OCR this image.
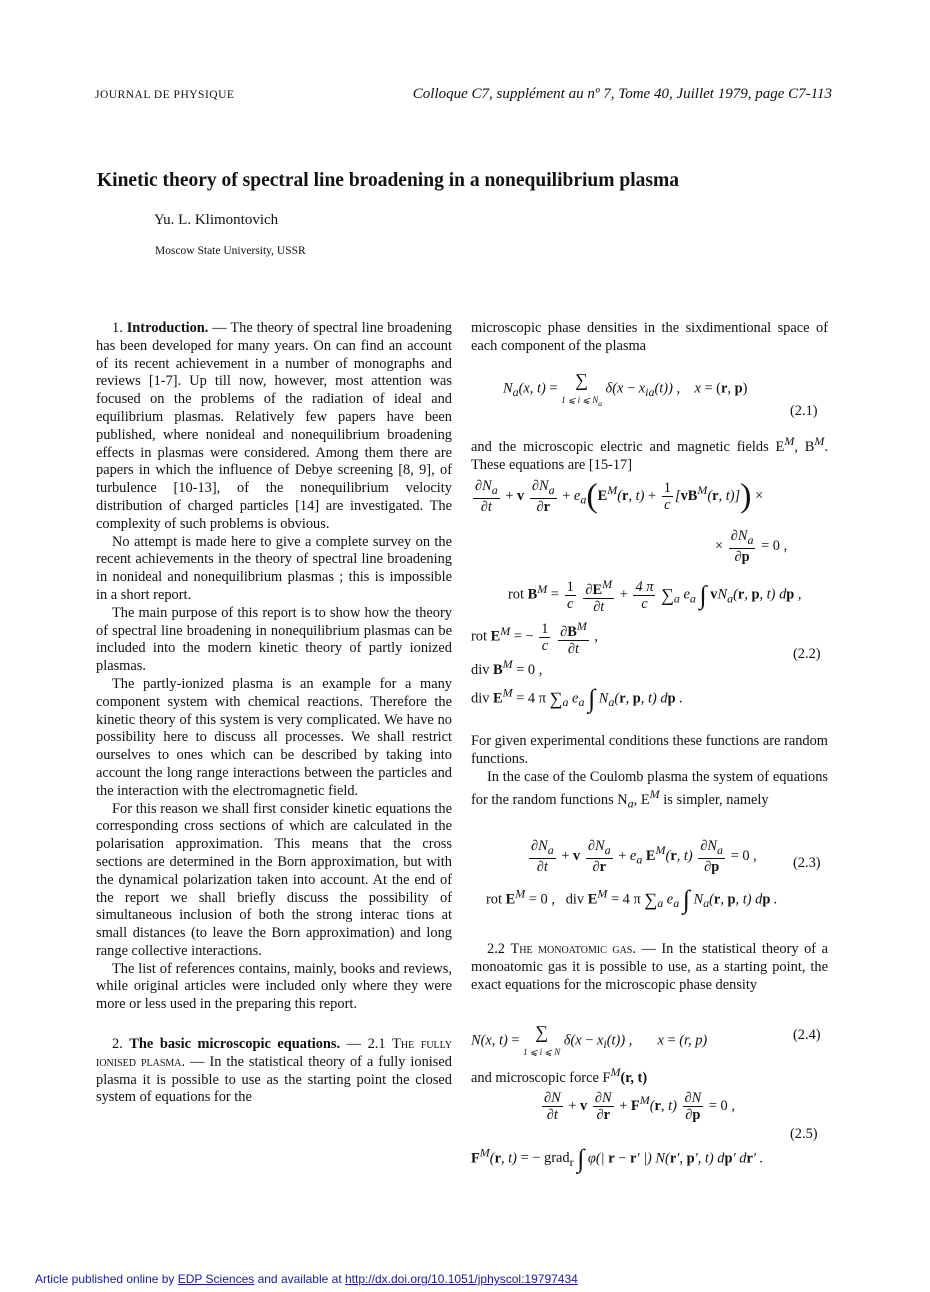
JOURNAL DE PHYSIQUE	Colloque C7, supplément au nº 7, Tome 40, Juillet 1979, page C7-113
Kinetic theory of spectral line broadening in a nonequilibrium plasma
Yu. L. Klimontovich
Moscow State University, USSR

1. Introduction. — The theory of spectral line broadening has been developed for many years. On can find an account of its recent achievement in a number of monographs and reviews [1-7]. Up till now, however, most attention was focused on the problems of the radiation of ideal and equilibrium plasmas. Relatively few papers have been published, where nonideal and nonequilibrium broadening effects in plasmas were considered. Among them there are papers in which the influence of Debye screening [8, 9], of turbulence [10-13], of the nonequilibrium velocity distribution of charged particles [14] are investigated. The complexity of such problems is obvious.

No attempt is made here to give a complete survey on the recent achievements in the theory of spectral line broadening in nonideal and nonequilibrium plasmas ; this is impossible in a short report.

The main purpose of this report is to show how the theory of spectral line broadening in nonequilibrium plasmas can be included into the modern kinetic theory of partly ionized plasmas.

The partly-ionized plasma is an example for a many component system with chemical reactions. Therefore the kinetic theory of this system is very complicated. We have no possibility here to discuss all processes. We shall restrict ourselves to ones which can be described by taking into account the long range interactions between the particles and the interaction with the electromagnetic field.

For this reason we shall first consider kinetic equations the corresponding cross sections of which are calculated in the polarisation approximation. This means that the cross sections are determined in the Born approximation, but with the dynamical polarization taken into account. At the end of the report we shall briefly discuss the possibility of simultaneous inclusion of both the strong interac tions at small distances (to leave the Born approximation) and long range collective interactions.

The list of references contains, mainly, books and reviews, while original articles were included only where they were more or less used in the preparing this report.

2. The basic microscopic equations. — 2.1 The fully ionised plasma. — In the statistical theory of a fully ionised plasma it is possible to use as the starting point the closed system of equations for the

microscopic phase densities in the sixdimentional space of each component of the plasma

$N_a(x$, t) = ∑
1 ⩽ i ⩽ $N_a$ $\delta(x - x_{ia}(t))$ ,    x = (r, p)
(2.1)

and the microscopic electric and magnetic fields $E^M$, $B^M$. These equations are [15-17]

$\frac{\partial N_a}{\partial t} + v \frac{\partial N_a}{\partial r} + e_a(E^M(r$, $t) + \frac{1}{c} [vB^M(r$, t)]) ×
× $\frac{\partial N_a}{\partial p} = 0$ ,
rot $B^M = \frac{1}{c}$
$\frac{\partial E^M}{\partial t} + \frac{4 \pi}{c} \sum_a$ $e_a$ ∫ $vN_a(r$, p, t) dp ,
rot $E^M$ = − $\frac{1}{c}$
$\frac{\partial B^M}{\partial t}$ ,
(2.2)
div $B^M = 0$ ,
div $E^M = 4$ π $\sum_a$ $e_a$ ∫ $N_a(r$, p, t) dp .

For given experimental conditions these functions are random functions.

In the case of the Coulomb plasma the system of equations for the random functions $N_a$, $E^M$ is simpler, namely

$\frac{\partial N_a}{\partial t} + v \frac{\partial N_a}{\partial r} + e_a$ $E^M(r$, $t) \frac{\partial N_a}{\partial p} = 0$ ,	(2.3)
rot $E^M = 0$ ,   div $E^M = 4$ π $\sum_a$ $e_a$ ∫ $N_a(r$, p, t) dp .

2.2 The monoatomic gas. — In the statistical theory of a monoatomic gas it is possible to use, as a starting point, the exact equations for the microscopic phase density

N(x, t) = ∑
1 ⩽ i ⩽ N $\delta(x - x_i(t))$ ,       x = (r, p)	(2.4)

and microscopic force $F^M(r$, t)

$\frac{\partial N}{\partial t} + v \frac{\partial N}{\partial r} + F^M(r$, $t) \frac{\partial N}{\partial p} = 0$ ,
(2.5)
$F^M(r$, t) = − grad$_r$ ∫ φ(| r − r′ |) N(r′, p′, t) dp′ dr′ .
Article published online by EDP Sciences and available at http://dx.doi.org/10.1051/jphyscol:19797434
